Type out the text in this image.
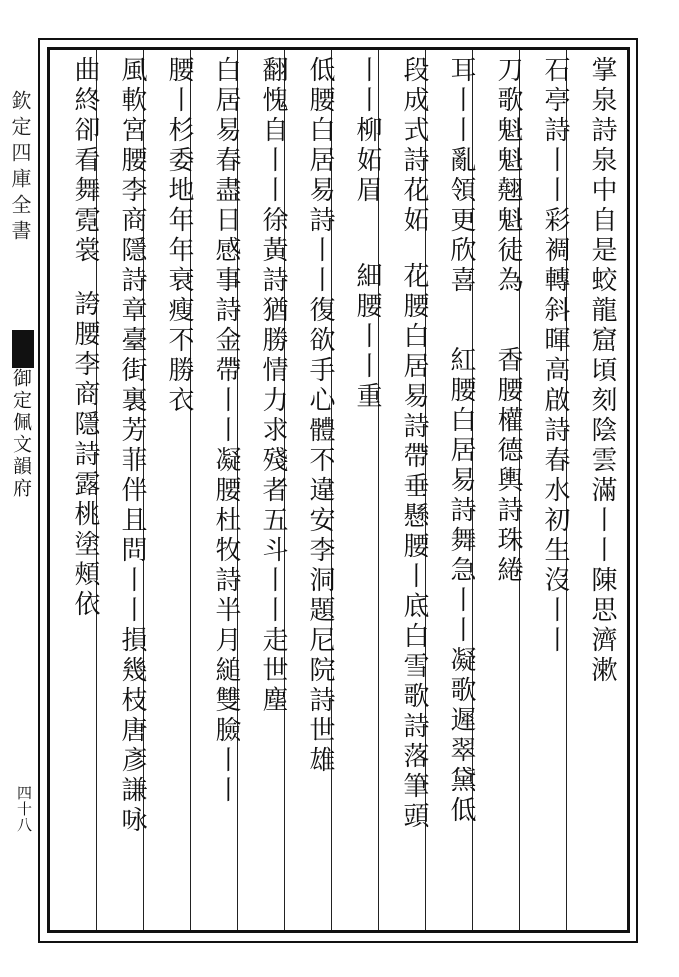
欽定四庫全書
御定佩文韻府
四十八
掌泉詩泉中自是蛟龍窟頃刻陰雲滿丨丨陳思濟漱
石亭詩丨丨彩裯轉斜暉高啟詩春水初生沒丨丨
刀歌魁魁翹魁徒為
香腰權德輿詩珠綣
耳丨丨亂領更欣喜
紅腰白居易詩舞急丨丨凝歌遲翠黛低
段成式詩花妬
花腰白居易詩帶垂懸腰丨底白雪歌詩落筆頭
丨丨柳妬眉
細腰丨丨重
低腰白居易詩丨丨復欲手心體不違安李洞題尼院詩世雄
翻愧自丨丨徐黃詩猶勝情力求殘者五斗丨丨走世塵
白居易春盡日感事詩金帶丨丨凝腰杜牧詩半月縋雙臉丨丨
腰丨杉委地年年衰瘦不勝衣
風軟宮腰李商隱詩章臺街裏芳菲伴且問丨丨損幾枝唐彥謙咏
曲終卻看舞霓裳
誇腰李商隱詩露桃塗頰依
